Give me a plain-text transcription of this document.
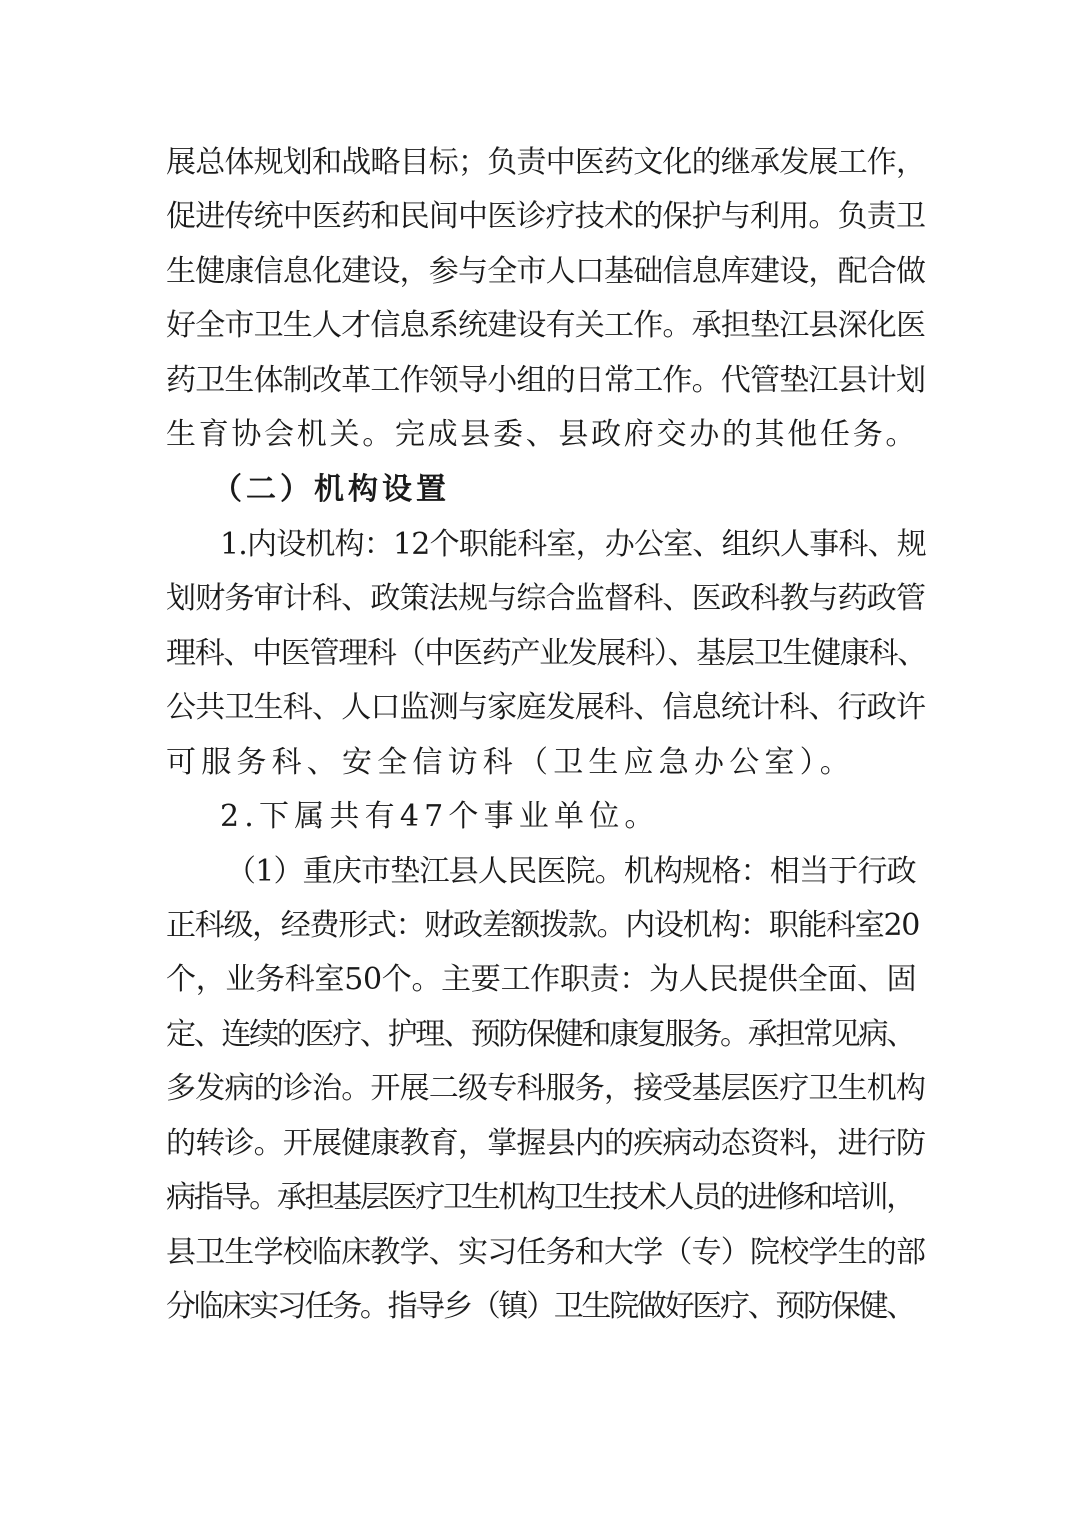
展总体规划和战略目标；负责中医药文化的继承发展工作，
促进传统中医药和民间中医诊疗技术的保护与利用。负责卫
生健康信息化建设，参与全市人口基础信息库建设，配合做
好全市卫生人才信息系统建设有关工作。承担垫江县深化医
药卫生体制改革工作领导小组的日常工作。代管垫江县计划
生育协会机关。完成县委、县政府交办的其他任务。
（二）机构设置
1.内设机构：12个职能科室，办公室、组织人事科、规
划财务审计科、政策法规与综合监督科、医政科教与药政管
理科、中医管理科（中医药产业发展科）、基层卫生健康科、
公共卫生科、人口监测与家庭发展科、信息统计科、行政许
可服务科、安全信访科（卫生应急办公室）。
2.下属共有47个事业单位。
（1）重庆市垫江县人民医院。机构规格：相当于行政
正科级，经费形式：财政差额拨款。内设机构：职能科室20
个，业务科室50个。主要工作职责：为人民提供全面、固
定、连续的医疗、护理、预防保健和康复服务。承担常见病、
多发病的诊治。开展二级专科服务，接受基层医疗卫生机构
的转诊。开展健康教育，掌握县内的疾病动态资料，进行防
病指导。承担基层医疗卫生机构卫生技术人员的进修和培训，
县卫生学校临床教学、实习任务和大学（专）院校学生的部
分临床实习任务。指导乡（镇）卫生院做好医疗、预防保健、
